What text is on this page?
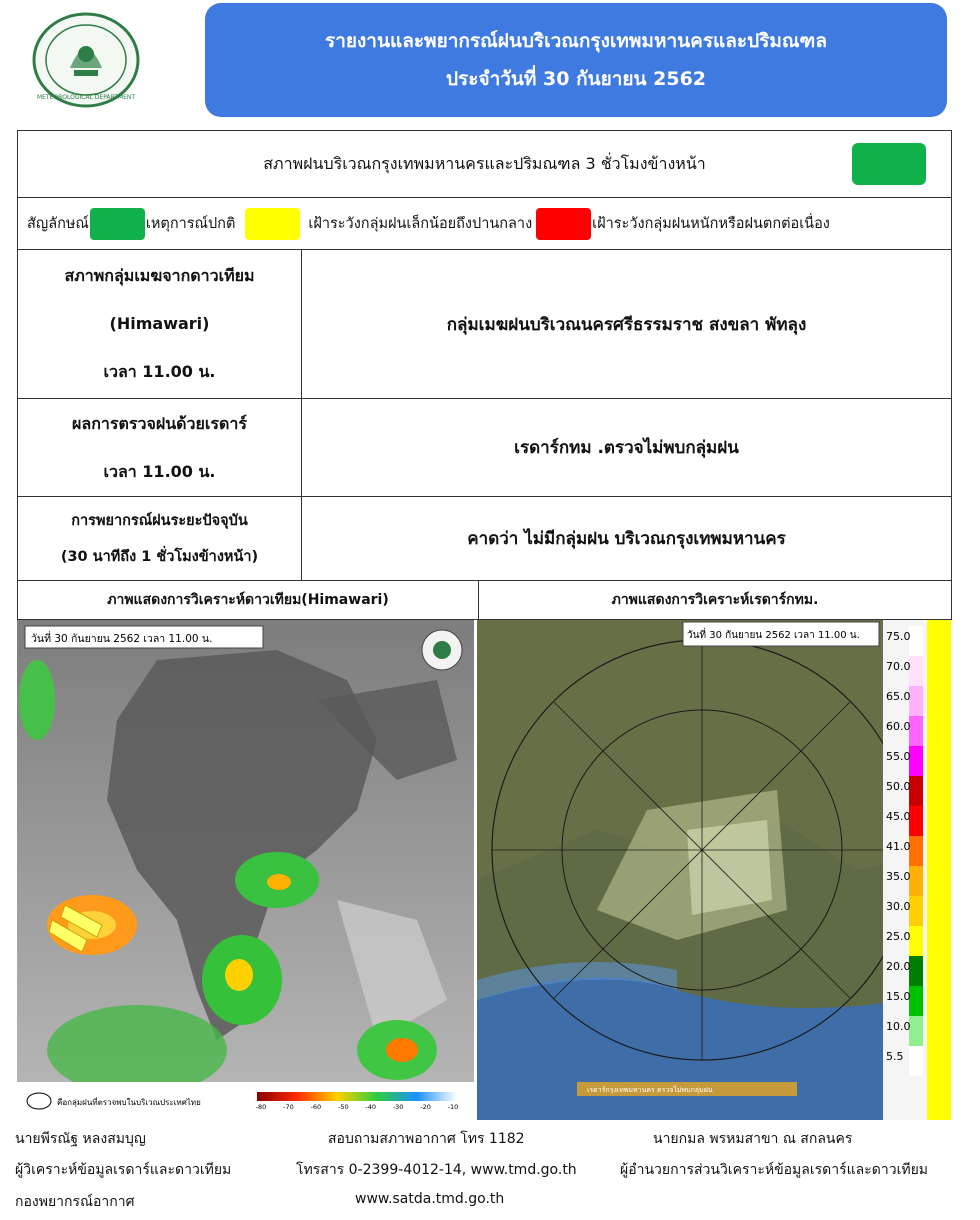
METEOROLOGICAL DEPARTMENT
รายงานและพยากรณ์ฝนบริเวณกรุงเทพมหานครและปริมณฑล
ประจำวันที่ 30 กันยายน 2562
สภาพฝนบริเวณกรุงเทพมหานครและปริมณฑล 3 ชั่วโมงข้างหน้า		

สัญลักษณ์ เหตุการณ์ปกติ เฝ้าระวังกลุ่มฝนเล็กน้อยถึงปานกลาง เฝ้าระวังกลุ่มฝนหนักหรือฝนตกต่อเนื่อง		

สภาพกลุ่มเมฆจากดาวเทียม
(Himawari)
เวลา 11.00 น.	กลุ่มเมฆฝนบริเวณนครศรีธรรมราช สงขลา พัทลุง	

ผลการตรวจฝนด้วยเรดาร์
เวลา 11.00 น.	เรดาร์กทม .ตรวจไม่พบกลุ่มฝน	

การพยากรณ์ฝนระยะปัจจุบัน
(30 นาทีถึง 1 ชั่วโมงข้างหน้า)	คาดว่า ไม่มีกลุ่มฝน บริเวณกรุงเทพมหานคร	
ภาพแสดงการวิเคราะห์ดาวเทียม(Himawari)		ภาพแสดงการวิเคราะห์เรดาร์กทม.
วันที่ 30 กันยายน 2562 เวลา 11.00 น.
คือกลุ่มฝนที่ตรวจพบในบริเวณประเทศไทย	-80	-70	-60	-50	-40	-30	-20	-10
วันที่ 30 กันยายน 2562 เวลา 11.00 น.
เรดาร์กรุงเทพมหานคร ตรวจไม่พบกลุ่มฝน
75.0
70.0
65.0
60.0
55.0
50.0
45.0
41.0
35.0
30.0
25.0
20.0
15.0
10.0
5.5
นายพีรณัฐ หลงสมบุญ
ผู้วิเคราะห์ข้อมูลเรดาร์และดาวเทียม
กองพยากรณ์อากาศ
สอบถามสภาพอากาศ โทร 1182
โทรสาร 0-2399-4012-14, www.tmd.go.th
www.satda.tmd.go.th
นายกมล พรหมสาขา ณ สกลนคร
ผู้อำนวยการส่วนวิเคราะห์ข้อมูลเรดาร์และดาวเทียม
